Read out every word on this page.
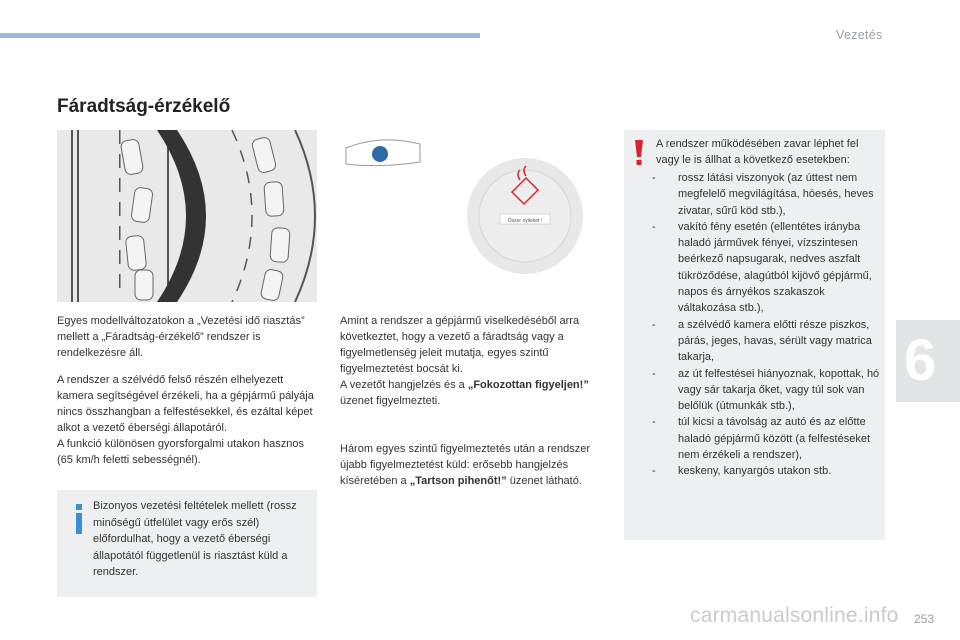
Vezetés
6
Fáradtság-érzékelő
Őszer nyileket !

Egyes modellváltozatokon a „Vezetési idő riasztás” mellett a „Fáradtság-érzékelő” rendszer is rendelkezésre áll.

A rendszer a szélvédő felső részén elhelyezett kamera segítségével érzékeli, ha a gépjármű pályája nincs összhangban a felfestésekkel, és ezáltal képet alkot a vezető éberségi állapotáról.

A funkció különösen gyorsforgalmi utakon hasznos (65 km/h feletti sebességnél).

Bizonyos vezetési feltételek mellett (rossz minőségű útfelület vagy erős szél) előfordulhat, hogy a vezető éberségi állapotától függetlenül is riasztást küld a rendszer.

Amint a rendszer a gépjármű viselkedéséből arra következtet, hogy a vezető a fáradtság vagy a figyelmetlenség jeleit mutatja, egyes szintű figyelmeztetést bocsát ki.

A vezetőt hangjelzés és a „Fokozottan figyeljen!” üzenet figyelmezteti.

Három egyes szintű figyelmeztetés után a rendszer újabb figyelmeztetést küld: erősebb hangjelzés kíséretében a „Tartson pihenőt!” üzenet látható.

A rendszer működésében zavar léphet fel vagy le is állhat a következő esetekben:
- rossz látási viszonyok (az úttest nem megfelelő megvilágítása, hóesés, heves zivatar, sűrű köd stb.),
- vakító fény esetén (ellentétes irányba haladó járművek fényei, vízszintesen beérkező napsugarak, nedves aszfalt tükröződése, alagútból kijövő gépjármű, napos és árnyékos szakaszok váltakozása stb.),
- a szélvédő kamera előtti része piszkos, párás, jeges, havas, sérült vagy matrica takarja,
- az út felfestései hiányoznak, kopottak, hó vagy sár takarja őket, vagy túl sok van belőlük (útmunkák stb.),
- túl kicsi a távolság az autó és az előtte haladó gépjármű között (a felfestéseket nem érzékeli a rendszer),
- keskeny, kanyargós utakon stb.
carmanualsonline.info 253
